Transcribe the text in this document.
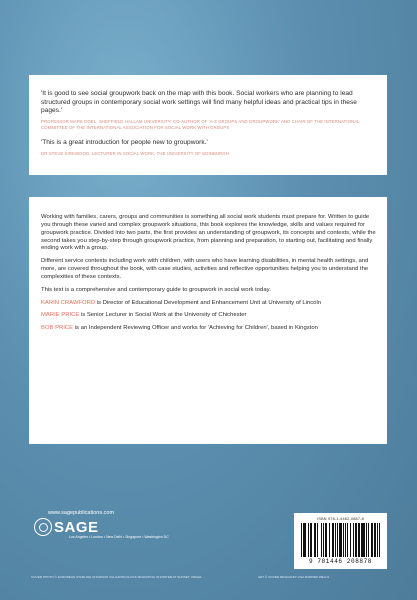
'It is good to see social groupwork back on the map with this book. Social workers who are planning to lead structured groups in contemporary social work settings will find many helpful ideas and practical tips in these pages.'

PROFESSOR MARK DOEL, SHEFFIELD HALLAM UNIVERSITY; CO-AUTHOR OF 'A-Z GROUPS AND GROUPWORK' AND CHAIR OF THE INTERNATIONAL COMMITTEE OF THE INTERNATIONAL ASSOCIATION FOR SOCIAL WORK WITH GROUPS

'This is a great introduction for people new to groupwork.'

DR STEVE KIRKWOOD, LECTURER IN SOCIAL WORK, THE UNIVERSITY OF EDINBURGH

Working with families, carers, groups and communities is something all social work students must prepare for. Written to guide you through these varied and complex groupwork situations, this book explores the knowledge, skills and values required for groupwork practice. Divided into two parts, the first provides an understanding of groupwork, its concepts and contexts, while the second takes you step-by-step through groupwork practice, from planning and preparation, to starting out, facilitating and finally ending work with a group.

Different service contexts including work with children, with users who have learning disabilities, in mental health settings, and more, are covered throughout the book, with case studies, activities and reflective opportunities helping you to understand the complexities of these contexts.

This text is a comprehensive and contemporary guide to groupwork in social work today.

KARIN CRAWFORD is Director of Educational Development and Enhancement Unit at University of Lincoln

MARIE PRICE is Senior Lecturer in Social Work at the University of Chichester

BOB PRICE is an Independent Reviewing Officer and works for 'Achieving for Children', based in Kingston

www.sagepublications.com
SAGE
Los Angeles • London • New Delhi • Singapore • Washington DC
ISBN 978-1-4462-0887-8
9 781446 208878
COVER PHOTO © EUROPEAN STARLING (STURNUS VULGARIS) FLOCK MIGRATING IN WINTER AT SUNSET, ISRAEL	ART © COVER DESIGN BY LISA HARPER WELLS
